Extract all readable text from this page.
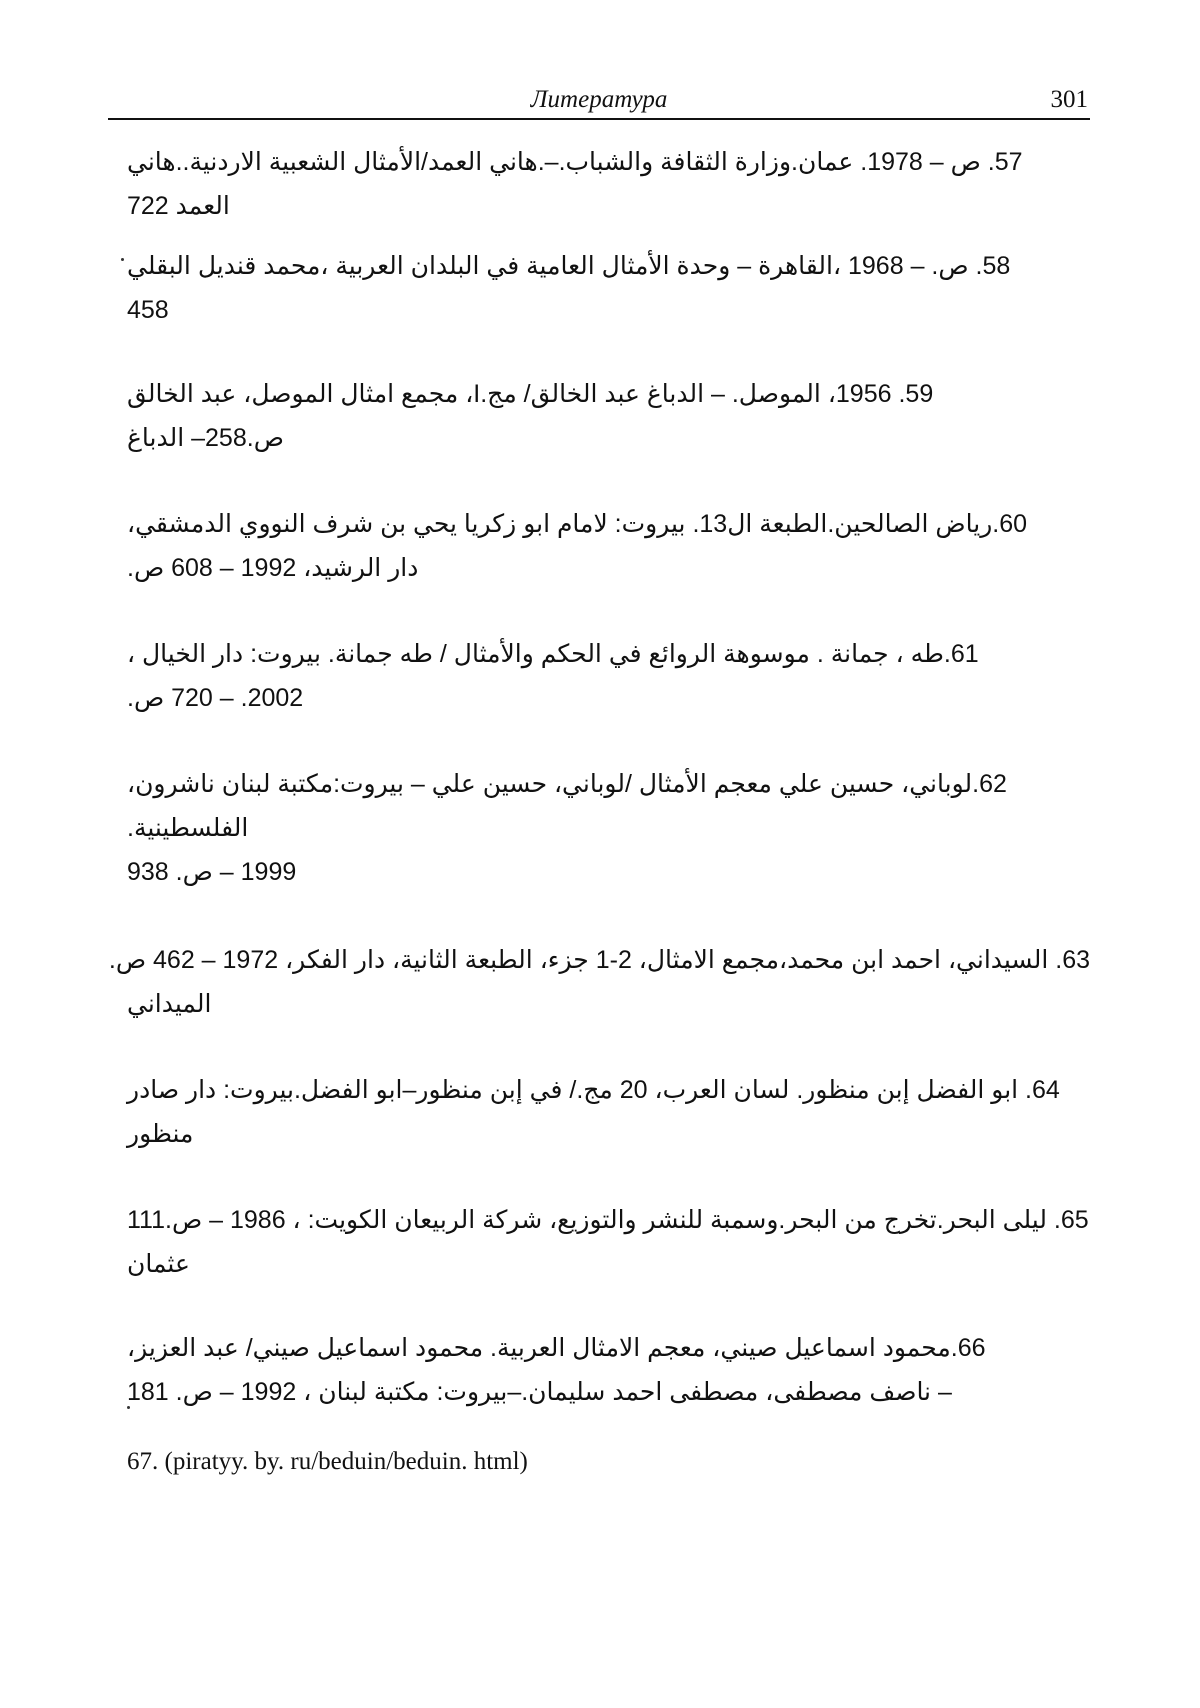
Литература	301
57. ص – 1978. عمان.وزارة الثقافة والشباب.–.هاني العمد/الأمثال الشعبية الاردنية..هاني
العمد 722
58. ص. – 1968 ،القاهرة – وحدة الأمثال العامية في البلدان العربية ،محمد قنديل البقلي
458
59. 1956، الموصل. – الدباغ عبد الخالق/ مج.I، مجمع امثال الموصل، عبد الخالق
ص.258– الدباغ
60.رياض الصالحين.الطبعة ال13. بيروت: لامام ابو زكريا يحي بن شرف النووي الدمشقي،
دار الرشيد، 1992 – 608 ص.
61.طه ، جمانة . موسوهة الروائع في الحكم والأمثال / طه جمانة. بيروت: دار الخيال ،
2002. – 720 ص.
62.لوباني، حسين علي معجم الأمثال /لوباني، حسين علي – بيروت:مكتبة لبنان ناشرون،
الفلسطينية.
1999 – ص. 938
63. السيداني، احمد ابن محمد،مجمع الامثال، 2-1 جزء، الطبعة الثانية، دار الفكر، 1972 – 462 ص.
الميداني
64. ابو الفضل إبن منظور. لسان العرب، 20 مج./ في إبن منظور–ابو الفضل.بيروت: دار صادر
منظور
65. ليلى البحر.تخرج من البحر.وسمبة للنشر والتوزيع، شركة الربيعان الكويت: ، 1986 – ص.111
عثمان
66.محمود اسماعيل صيني، معجم الامثال العربية. محمود اسماعيل صيني/ عبد العزيز،
– ناصف مصطفى، مصطفى احمد سليمان.–بيروت: مكتبة لبنان ، 1992 – ص. 181
67. (piratyy. by. ru/beduin/beduin. html)
